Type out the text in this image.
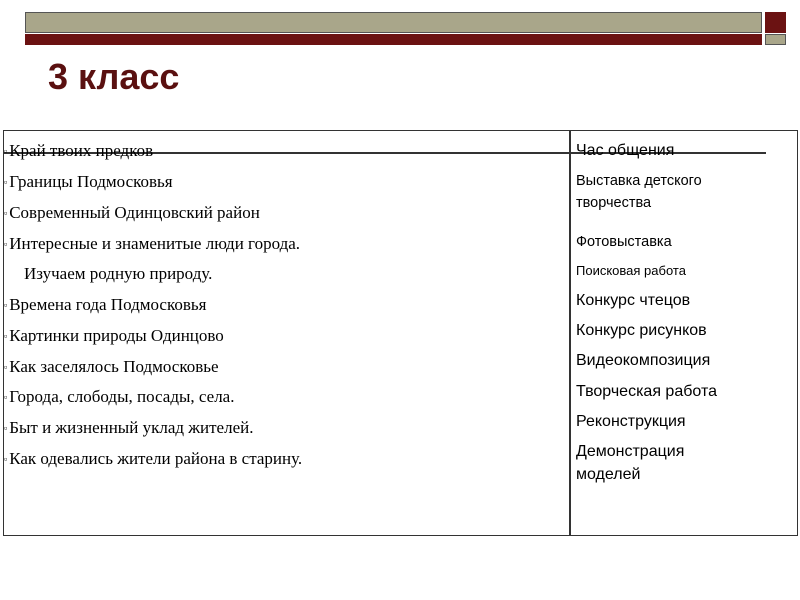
3 класс
▫ Край твоих предков
▫ Границы Подмосковья
▫ Современный Одинцовский район
▫ Интересные и знаменитые люди города.
Изучаем родную природу.
▫ Времена года Подмосковья
▫ Картинки природы Одинцово
▫ Как заселялось Подмосковье
▫ Города, слободы, посады, села.
▫ Быт и жизненный уклад жителей.
▫ Как одевались жители района в старину.
Час общения
Выставка детского творчества
Фотовыставка
Поисковая работа
Конкурс чтецов
Конкурс рисунков
Видеокомпозиция
Творческая работа
Реконструкция
Демонстрация моделей
